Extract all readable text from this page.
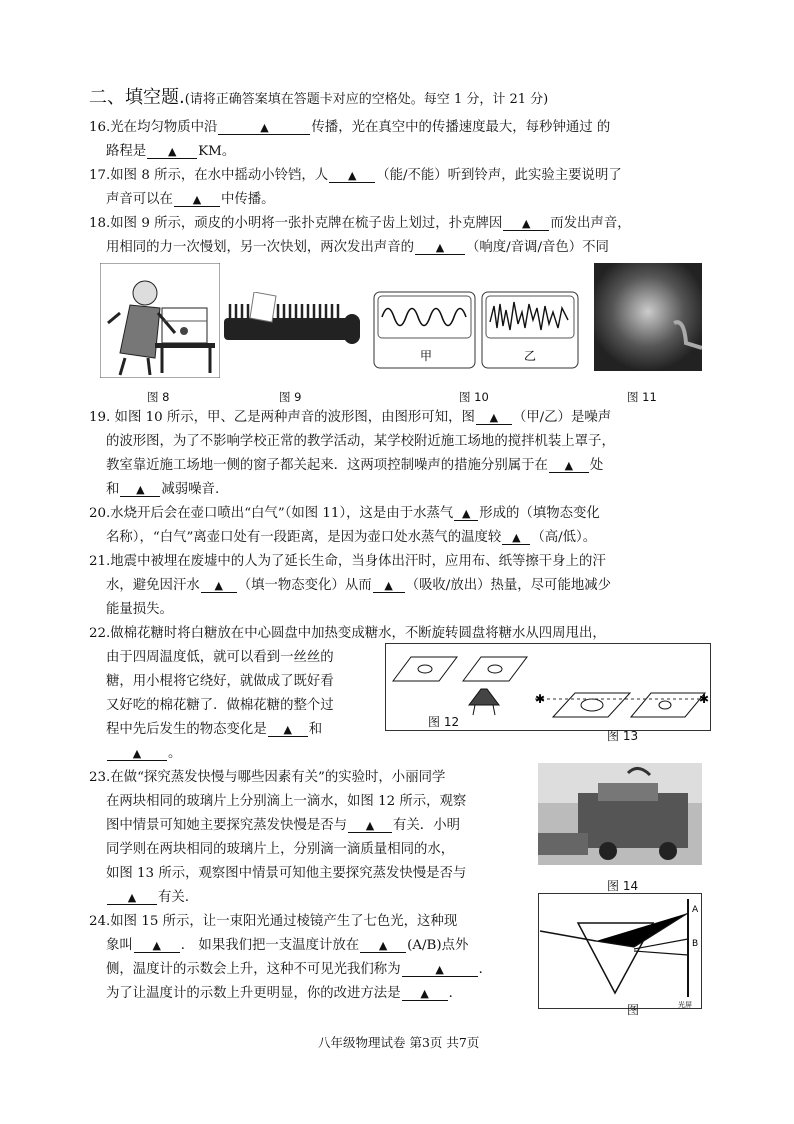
二、填空题.(请将正确答案填在答题卡对应的空格处。每空 1 分，计 21 分)
16.光在均匀物质中沿	▲	传播，光在真空中的传播速度最大，每秒钟通过 的
路程是 ▲ KM。
17.如图 8 所示，在水中摇动小铃铛，人 ▲ （能/不能）听到铃声，此实验主要说明了
声音可以在 ▲ 中传播。
18.如图 9 所示，顽皮的小明将一张扑克牌在梳子齿上划过，扑克牌因 ▲ 而发出声音，
用相同的力一次慢划，另一次快划，两次发出声音的 ▲ （响度/音调/音色）不同
甲	乙
图 8	图 9	图 10	图 11
19. 如图 10 所示，甲、乙是两种声音的波形图，由图形可知，图 ▲ （甲/乙）是噪声
的波形图，为了不影响学校正常的教学活动，某学校附近施工场地的搅拌机装上罩子，
教室靠近施工场地一侧的窗子都关起来．这两项控制噪声的措施分别属于在 ▲ 处
和 ▲ 减弱噪音.
20.水烧开后会在壶口喷出“白气”（如图 11），这是由于水蒸气 ▲ 形成的（填物态变化
名称），“白气”离壶口处有一段距离，是因为壶口处水蒸气的温度较 ▲ （高/低）。
21.地震中被埋在废墟中的人为了延长生命，当身体出汗时，应用布、纸等擦干身上的汗
水，避免因汗水 ▲ （填一物态变化）从而 ▲ （吸收/放出）热量，尽可能地减少
能量损失。
22.做棉花糖时将白糖放在中心圆盘中加热变成糖水，不断旋转圆盘将糖水从四周甩出，
由于四周温度低，就可以看到一丝丝的
糖，用小棍将它绕好，就做成了既好看
又好吃的棉花糖了．做棉花糖的整个过
程中先后发生的物态变化是 ▲ 和
▲ 。
✱	✱
图 12
图 13
23.在做“探究蒸发快慢与哪些因素有关”的实验时，小丽同学
在两块相同的玻璃片上分别滴上一滴水，如图 12 所示，观察
图中情景可知她主要探究蒸发快慢是否与 ▲ 有关．小明
同学则在两块相同的玻璃片上，分别滴一滴质量相同的水，
如图 13 所示，观察图中情景可知他主要探究蒸发快慢是否与
▲ 有关.
图 14
24.如图 15 所示，让一束阳光通过棱镜产生了七色光，这种现
象叫 ▲ ． 如果我们把一支温度计放在 ▲ (A/B)点外
侧，温度计的示数会上升，这种不可见光我们称为	▲	．
为了让温度计的示数上升更明显，你的改进方法是 ▲ ．
A
B
光屏
图
八年级物理试卷 第3页 共7页
